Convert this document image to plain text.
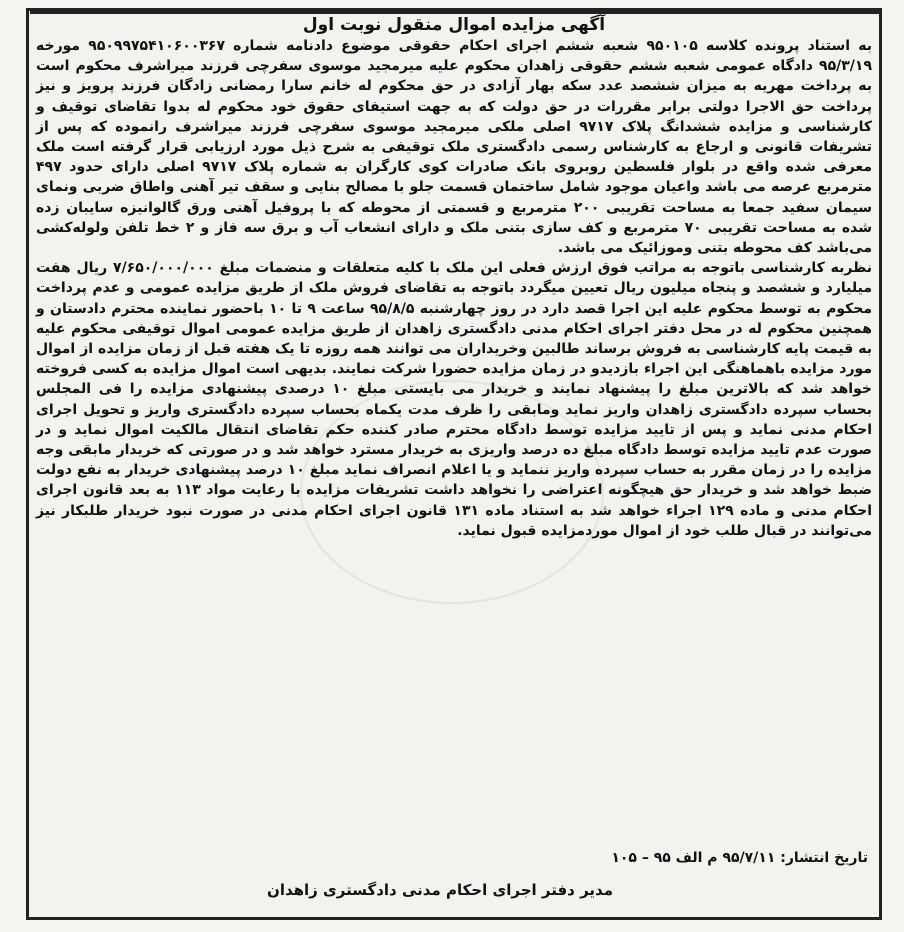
آگهی مزایده اموال منقول نوبت اول

به استناد پرونده کلاسه ۹۵۰۱۰۵ شعبه ششم اجرای احکام حقوقی موضوع دادنامه شماره ۹۵۰۹۹۷۵۴۱۰۶۰۰۳۶۷ مورخه ۹۵/۳/۱۹ دادگاه عمومی شعبه ششم حقوقی زاهدان محکوم علیه میرمجید موسوی سفرچی فرزند میراشرف محکوم است به پرداخت مهریه به میزان ششصد عدد سکه بهار آزادی در حق محکوم له خانم سارا رمضانی زادگان فرزند پرویز و نیز پرداخت حق الاجرا دولتی برابر مقررات در حق دولت که به جهت استیفای حقوق خود محکوم له بدوا تقاضای توقیف و کارشناسی و مزایده ششدانگ پلاک ۹۷۱۷ اصلی ملکی میرمجید موسوی سفرچی فرزند میراشرف رانموده که پس از تشریفات قانونی و ارجاع به کارشناس رسمی دادگستری ملک توقیفی به شرح ذیل مورد ارزیابی قرار گرفته است ملک معرفی شده واقع در بلوار فلسطین روبروی بانک صادرات کوی کارگران به شماره پلاک ۹۷۱۷ اصلی دارای حدود ۴۹۷ مترمربع عرصه می باشد واعیان موجود شامل ساختمان قسمت جلو با مصالح بنایی و سقف تیر آهنی واطاق ضربی ونمای سیمان سفید جمعا به مساحت تقریبی ۲۰۰ مترمربع و قسمتی از محوطه که با پروفیل آهنی ورق گالوانیزه سایبان زده شده به مساحت تقریبی ۷۰ مترمربع و کف سازی بتنی ملک و دارای انشعاب آب و برق سه فاز و ۲ خط تلفن ولوله‌کشی می‌باشد کف محوطه بتنی وموزائیک می باشد.

نظربه کارشناسی باتوجه به مراتب فوق ارزش فعلی این ملک با کلیه متعلقات و منضمات مبلغ ۷/۶۵۰/۰۰۰/۰۰۰ ریال هفت میلیارد و ششصد و پنجاه میلیون ریال تعیین میگردد باتوجه به تقاضای فروش ملک از طریق مزایده عمومی و عدم پرداخت محکوم به توسط محکوم علیه این اجرا قصد دارد در روز چهارشنبه ۹۵/۸/۵ ساعت ۹ تا ۱۰ باحضور نماینده محترم دادستان و همچنین محکوم له در محل دفتر اجرای احکام مدنی دادگستری زاهدان از طریق مزایده عمومی اموال توقیفی محکوم علیه به قیمت پایه کارشناسی به فروش برساند طالبین وخریداران می توانند همه روزه تا یک هفته قبل از زمان مزایده از اموال مورد مزایده باهماهنگی این اجراء بازدیدو در زمان مزایده حضورا شرکت نمایند. بدیهی است اموال مزایده به کسی فروخته خواهد شد که بالاترین مبلغ را پیشنهاد نمایند و خریدار می بایستی مبلغ ۱۰ درصدی پیشنهادی مزایده را فی المجلس بحساب سپرده دادگستری زاهدان واریز نماید ومابقی را ظرف مدت یکماه بحساب سپرده دادگستری واریز و تحویل اجرای احکام مدنی نماید و پس از تایید مزایده توسط دادگاه محترم صادر کننده حکم تقاضای انتقال مالکیت اموال نماید و در صورت عدم تایید مزایده توسط دادگاه مبلغ ده درصد واریزی به خریدار مسترد خواهد شد و در صورتی که خریدار مابقی وجه مزایده را در زمان مقرر به حساب سپرده واریز ننماید و یا اعلام انصراف نماید مبلغ ۱۰ درصد پیشنهادی خریدار به نفع دولت ضبط خواهد شد و خریدار حق هیچگونه اعتراضی را نخواهد داشت تشریفات مزایده با رعایت مواد ۱۱۳ به بعد قانون اجرای احکام مدنی و ماده ۱۲۹ اجراء خواهد شد به استناد ماده ۱۳۱ قانون اجرای احکام مدنی در صورت نبود خریدار طلبکار نیز می‌توانند در قبال طلب خود از اموال موردمزایده قبول نماید.

تاریخ انتشار: ۹۵/۷/۱۱ م الف ۹۵ – ۱۰۵
مدیر دفتر اجرای احکام مدنی دادگستری زاهدان
